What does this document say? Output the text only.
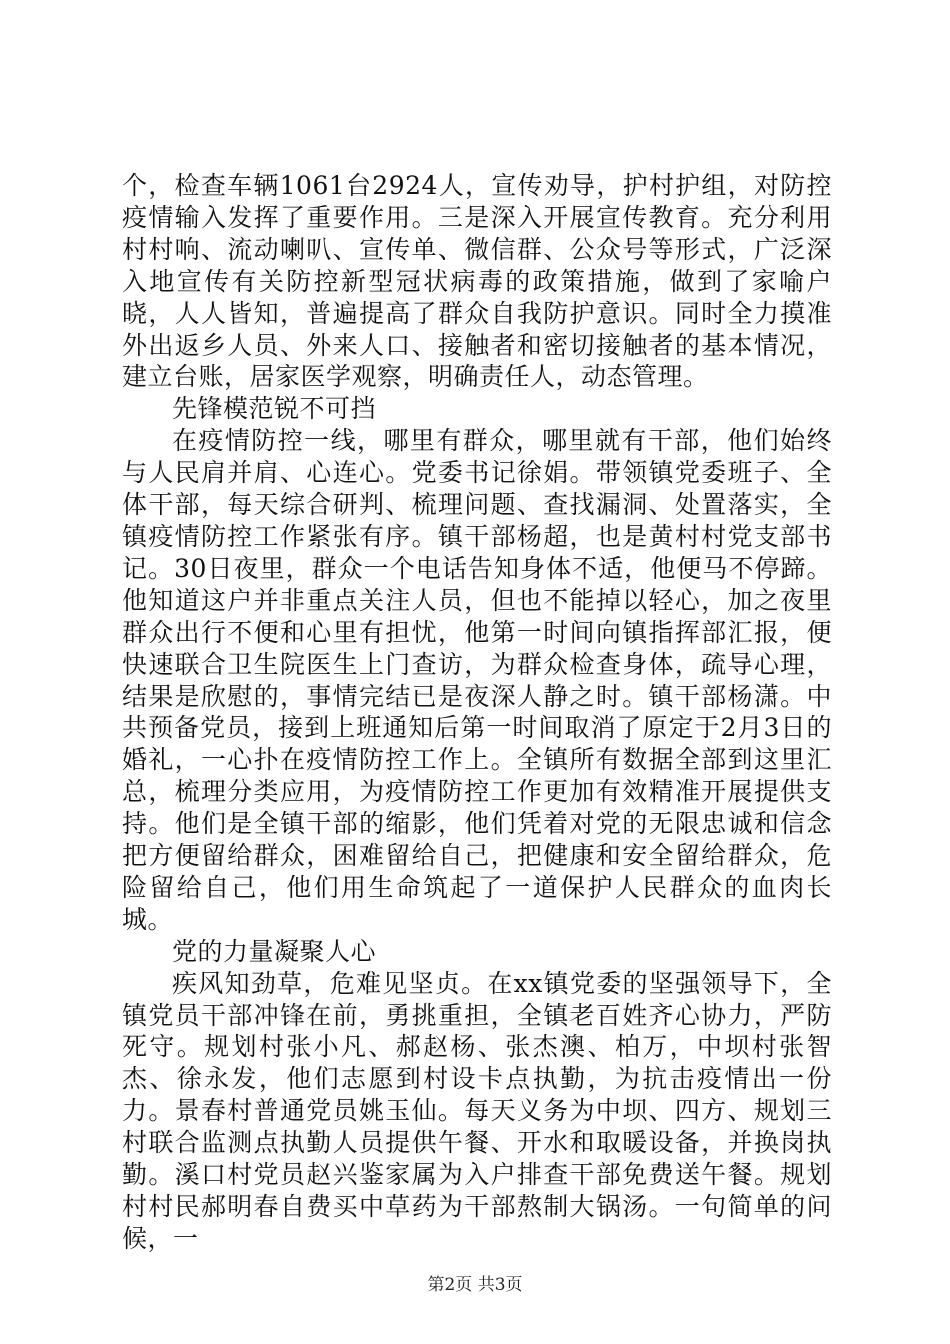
个，检查车辆1061台2924人，宣传劝导，护村护组，对防控疫情输入发挥了重要作用。三是深入开展宣传教育。充分利用村村响、流动喇叭、宣传单、微信群、公众号等形式，广泛深入地宣传有关防控新型冠状病毒的政策措施，做到了家喻户晓，人人皆知，普遍提高了群众自我防护意识。同时全力摸准外出返乡人员、外来人口、接触者和密切接触者的基本情况，建立台账，居家医学观察，明确责任人，动态管理。

先锋模范锐不可挡

在疫情防控一线，哪里有群众，哪里就有干部，他们始终与人民肩并肩、心连心。党委书记徐娟。带领镇党委班子、全体干部，每天综合研判、梳理问题、查找漏洞、处置落实，全镇疫情防控工作紧张有序。镇干部杨超，也是黄村村党支部书记。30日夜里，群众一个电话告知身体不适，他便马不停蹄。他知道这户并非重点关注人员，但也不能掉以轻心，加之夜里群众出行不便和心里有担忧，他第一时间向镇指挥部汇报，便快速联合卫生院医生上门查访，为群众检查身体，疏导心理，结果是欣慰的，事情完结已是夜深人静之时。镇干部杨潇。中共预备党员，接到上班通知后第一时间取消了原定于2月3日的婚礼，一心扑在疫情防控工作上。全镇所有数据全部到这里汇总，梳理分类应用，为疫情防控工作更加有效精准开展提供支持。他们是全镇干部的缩影，他们凭着对党的无限忠诚和信念把方便留给群众，困难留给自己，把健康和安全留给群众，危险留给自己，他们用生命筑起了一道保护人民群众的血肉长城。

党的力量凝聚人心

疾风知劲草，危难见坚贞。在xx镇党委的坚强领导下，全镇党员干部冲锋在前，勇挑重担，全镇老百姓齐心协力，严防死守。规划村张小凡、郝赵杨、张杰澳、柏万，中坝村张智杰、徐永发，他们志愿到村设卡点执勤，为抗击疫情出一份力。景春村普通党员姚玉仙。每天义务为中坝、四方、规划三村联合监测点执勤人员提供午餐、开水和取暖设备，并换岗执勤。溪口村党员赵兴鉴家属为入户排查干部免费送午餐。规划村村民郝明春自费买中草药为干部熬制大锅汤。一句简单的问候，一

第2页 共3页
